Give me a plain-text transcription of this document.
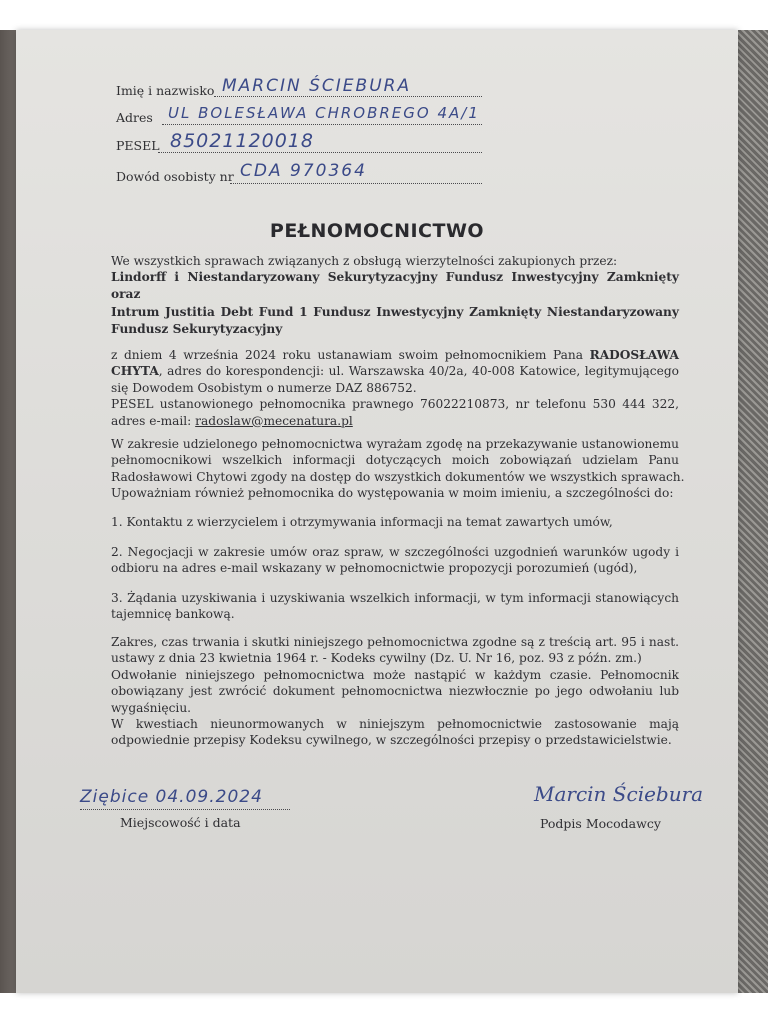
Imię i nazwisko MARCIN ŚCIEBURA
Adres UL BOLESŁAWA CHROBREGO 4A/1
PESEL 85021120018
Dowód osobisty nr CDA 970364
PEŁNOMOCNICTWO
We wszystkich sprawach związanych z obsługą wierzytelności zakupionych przez:
Lindorff i Niestandaryzowany Sekurytyzacyjny Fundusz Inwestycyjny Zamknięty
oraz
Intrum Justitia Debt Fund 1 Fundusz Inwestycyjny Zamknięty Niestandaryzowany
Fundusz Sekurytyzacyjny
z dniem 4 września 2024 roku ustanawiam swoim pełnomocnikiem Pana RADOSŁAWA
CHYTA, adres do korespondencji: ul. Warszawska 40/2a, 40-008 Katowice, legitymującego
się Dowodem Osobistym o numerze DAZ 886752.
PESEL ustanowionego pełnomocnika prawnego 76022210873, nr telefonu 530 444 322,
adres e-mail: radoslaw@mecenatura.pl
W zakresie udzielonego pełnomocnictwa wyrażam zgodę na przekazywanie ustanowionemu
pełnomocnikowi wszelkich informacji dotyczących moich zobowiązań udzielam Panu
Radosławowi Chytowi zgody na dostęp do wszystkich dokumentów we wszystkich sprawach.
Upoważniam również pełnomocnika do występowania w moim imieniu, a szczególności do:
1. Kontaktu z wierzycielem i otrzymywania informacji na temat zawartych umów,
2. Negocjacji w zakresie umów oraz spraw, w szczególności uzgodnień warunków ugody i
odbioru na adres e-mail wskazany w pełnomocnictwie propozycji porozumień (ugód),
3. Żądania uzyskiwania i uzyskiwania wszelkich informacji, w tym informacji stanowiących
tajemnicę bankową.
Zakres, czas trwania i skutki niniejszego pełnomocnictwa zgodne są z treścią art. 95 i nast.
ustawy z dnia 23 kwietnia 1964 r. - Kodeks cywilny (Dz. U. Nr 16, poz. 93 z późn. zm.)
Odwołanie niniejszego pełnomocnictwa może nastąpić w każdym czasie. Pełnomocnik
obowiązany jest zwrócić dokument pełnomocnictwa niezwłocznie po jego odwołaniu lub
wygaśnięciu.
W kwestiach nieunormowanych w niniejszym pełnomocnictwie zastosowanie mają
odpowiednie przepisy Kodeksu cywilnego, w szczególności przepisy o przedstawicielstwie.
Ziębice 04.09.2024
Miejscowość i data
Marcin Ściebura
Podpis Mocodawcy
